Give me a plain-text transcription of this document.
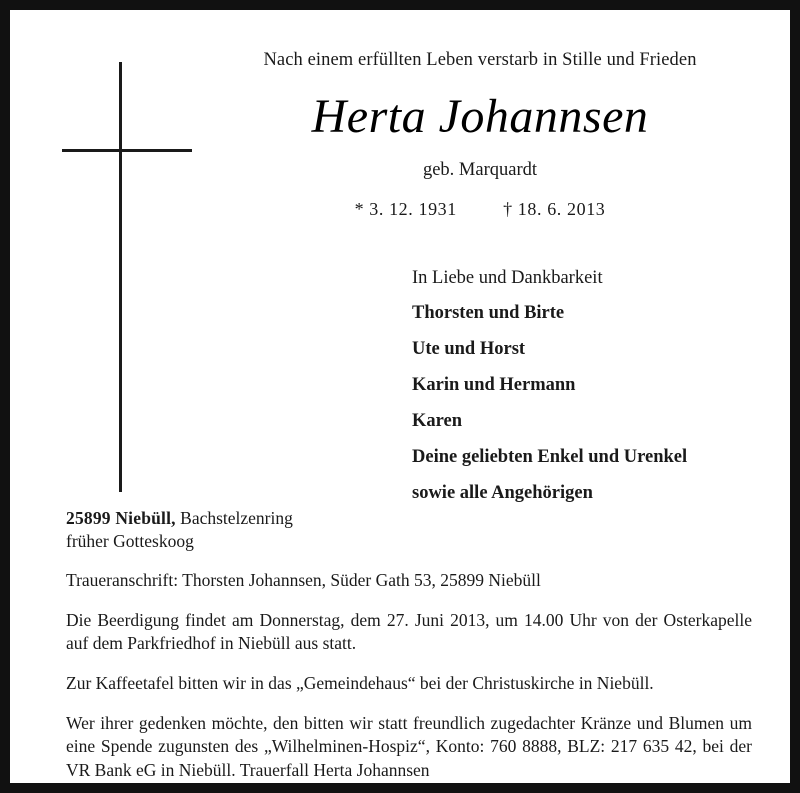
Nach einem erfüllten Leben verstarb in Stille und Frieden
Herta Johannsen
geb. Marquardt
* 3. 12. 1931	† 18. 6. 2013
In Liebe und Dankbarkeit
Thorsten und Birte
Ute und Horst
Karin und Hermann
Karen
Deine geliebten Enkel und Urenkel
sowie alle Angehörigen
25899 Niebüll, Bachstelzenring
früher Gotteskoog
Traueranschrift: Thorsten Johannsen, Süder Gath 53, 25899 Niebüll
Die Beerdigung findet am Donnerstag, dem 27. Juni 2013, um 14.00 Uhr von der Osterkapelle auf dem Parkfriedhof in Niebüll aus statt.
Zur Kaffeetafel bitten wir in das „Gemeindehaus“ bei der Christuskirche in Niebüll.
Wer ihrer gedenken möchte, den bitten wir statt freundlich zugedachter Kränze und Blumen um eine Spende zugunsten des „Wilhelminen-Hospiz“, Konto: 760 8888, BLZ: 217 635 42, bei der VR Bank eG in Niebüll. Trauerfall Herta Johannsen
